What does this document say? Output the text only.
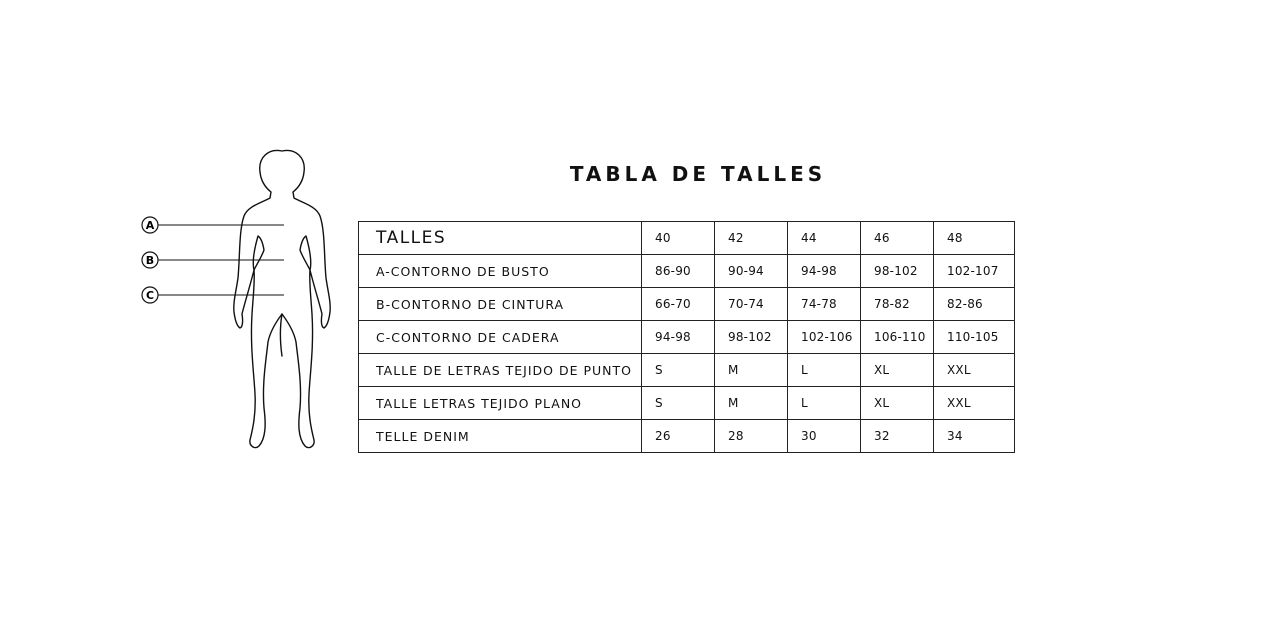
TABLA DE TALLES
A
B
C
TALLES	40	42	44	46	48
A-CONTORNO DE BUSTO	86-90	90-94	94-98	98-102	102-107
B-CONTORNO DE CINTURA	66-70	70-74	74-78	78-82	82-86
C-CONTORNO DE CADERA	94-98	98-102	102-106	106-110	110-105
TALLE DE LETRAS TEJIDO DE PUNTO	S	M	L	XL	XXL
TALLE LETRAS TEJIDO PLANO	S	M	L	XL	XXL
TELLE DENIM	26	28	30	32	34
